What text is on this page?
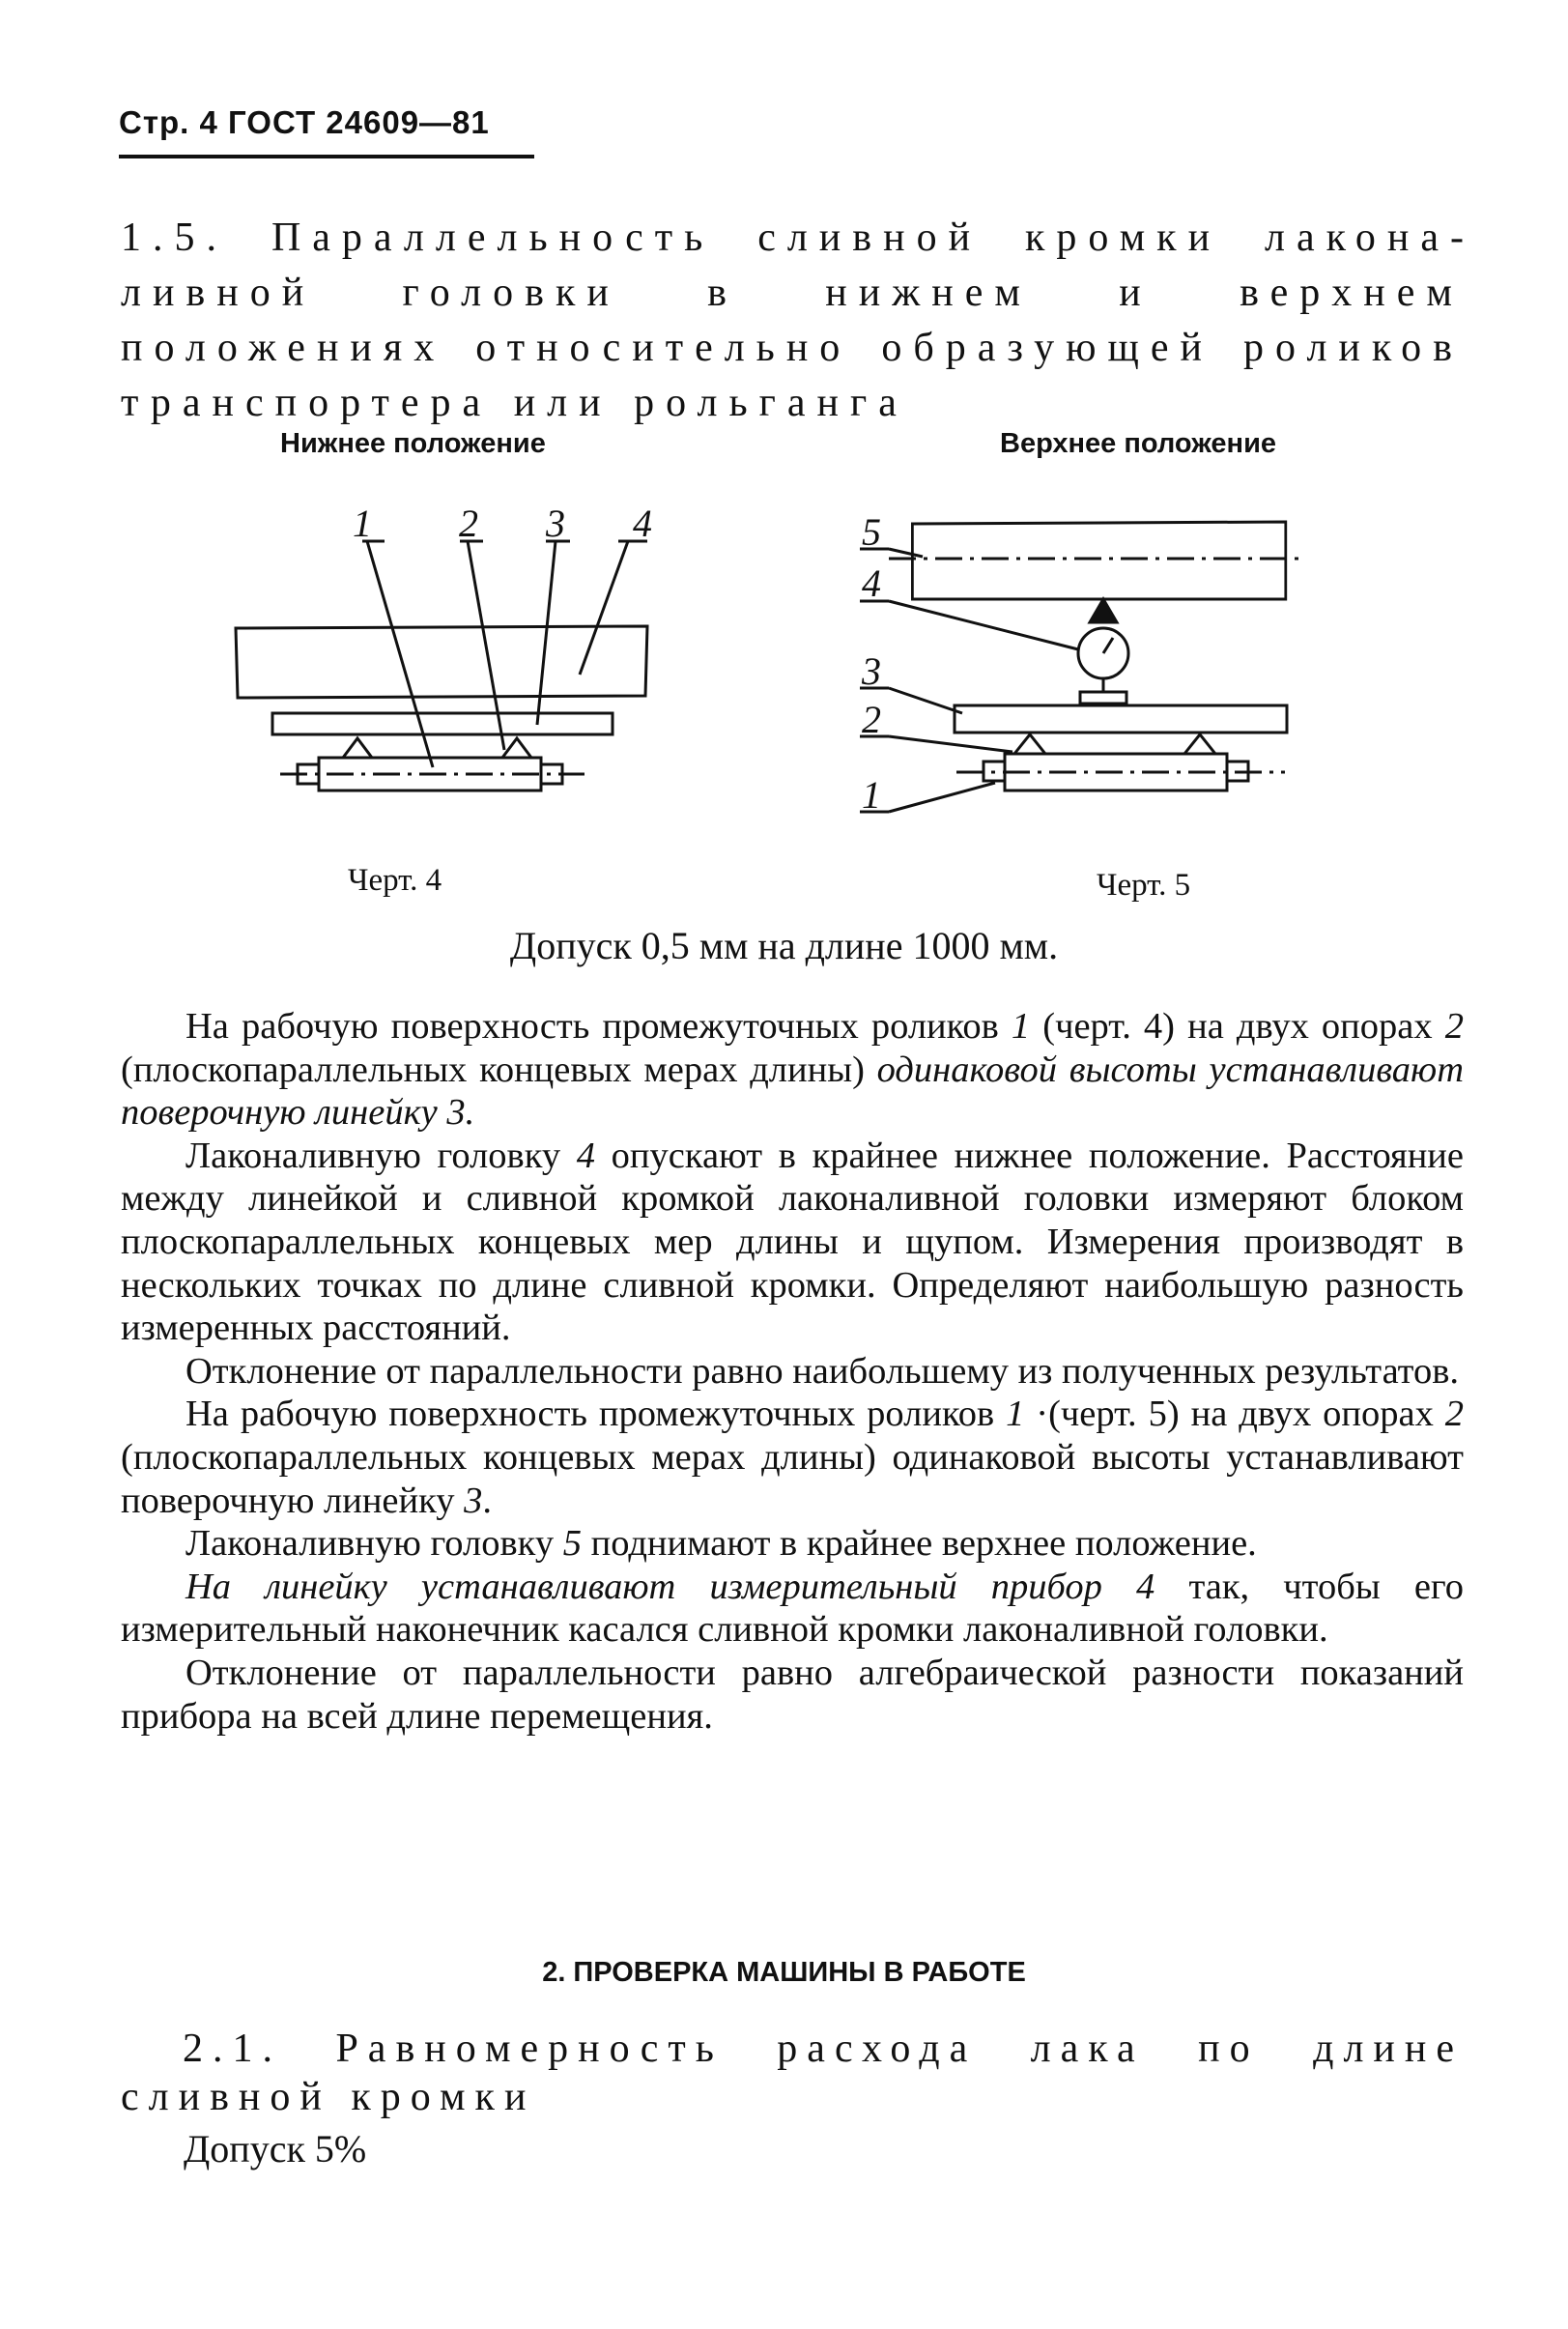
Стр. 4 ГОСТ 24609—81
1.5. Параллельность сливной кромки лаконаливной головки в нижнем и верхнем положениях относительно образующей роликов транспортера или рольганга
Нижнее положение
1 2 3 4
Черт. 4
Верхнее положение
5
4
3
2
1
Черт. 5
Допуск 0,5 мм на длине 1000 мм.

На рабочую поверхность промежуточных роликов 1 (черт. 4) на двух опорах 2 (плоскопараллельных концевых мерах длины) одинаковой высоты устанавливают поверочную линейку 3.

Лаконаливную головку 4 опускают в крайнее нижнее положение. Расстояние между линейкой и сливной кромкой лаконаливной головки измеряют блоком плоскопараллельных концевых мер длины и щупом. Измерения производят в нескольких точках по длине сливной кромки. Определяют наибольшую разность измеренных расстояний.

Отклонение от параллельности равно наибольшему из полученных результатов.

На рабочую поверхность промежуточных роликов 1 ·(черт. 5) на двух опорах 2 (плоскопараллельных концевых мерах длины) одинаковой высоты устанавливают поверочную линейку 3.

Лаконаливную головку 5 поднимают в крайнее верхнее положение.

На линейку устанавливают измерительный прибор 4 так, чтобы его измерительный наконечник касался сливной кромки лаконаливной головки.

Отклонение от параллельности равно алгебраической разности показаний прибора на всей длине перемещения.

2. ПРОВЕРКА МАШИНЫ В РАБОТЕ
2.1. Равномерность расхода лака по длине сливной кромки
Допуск 5%
